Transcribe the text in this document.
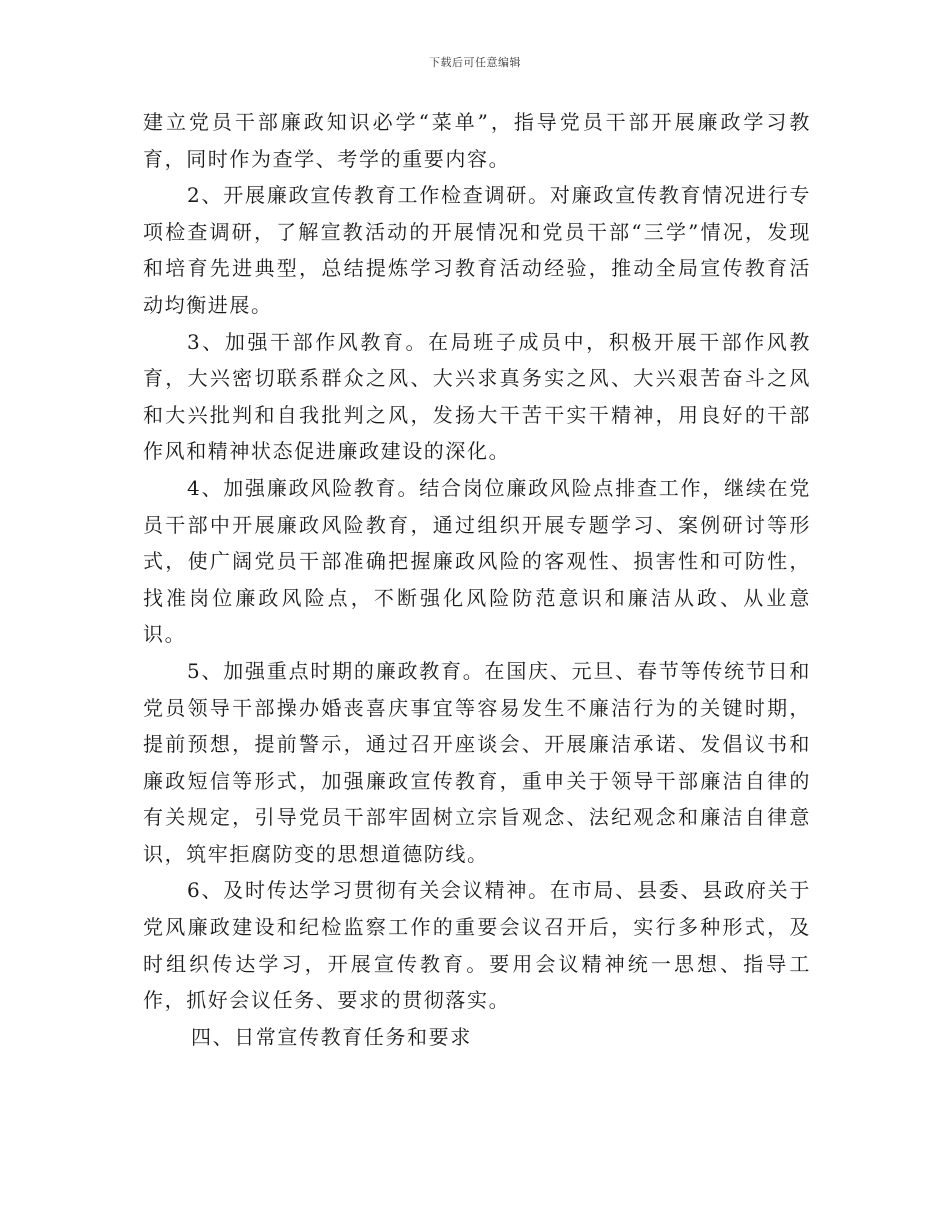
下载后可任意编辑

建立党员干部廉政知识必学“菜单”，指导党员干部开展廉政学习教育，同时作为查学、考学的重要内容。

2、开展廉政宣传教育工作检查调研。对廉政宣传教育情况进行专项检查调研，了解宣教活动的开展情况和党员干部“三学”情况，发现和培育先进典型，总结提炼学习教育活动经验，推动全局宣传教育活动均衡进展。

3、加强干部作风教育。在局班子成员中，积极开展干部作风教育，大兴密切联系群众之风、大兴求真务实之风、大兴艰苦奋斗之风和大兴批判和自我批判之风，发扬大干苦干实干精神，用良好的干部作风和精神状态促进廉政建设的深化。

4、加强廉政风险教育。结合岗位廉政风险点排查工作，继续在党员干部中开展廉政风险教育，通过组织开展专题学习、案例研讨等形式，使广阔党员干部准确把握廉政风险的客观性、损害性和可防性，找准岗位廉政风险点，不断强化风险防范意识和廉洁从政、从业意识。

5、加强重点时期的廉政教育。在国庆、元旦、春节等传统节日和党员领导干部操办婚丧喜庆事宜等容易发生不廉洁行为的关键时期，提前预想，提前警示，通过召开座谈会、开展廉洁承诺、发倡议书和廉政短信等形式，加强廉政宣传教育，重申关于领导干部廉洁自律的有关规定，引导党员干部牢固树立宗旨观念、法纪观念和廉洁自律意识，筑牢拒腐防变的思想道德防线。

6、及时传达学习贯彻有关会议精神。在市局、县委、县政府关于党风廉政建设和纪检监察工作的重要会议召开后，实行多种形式，及时组织传达学习，开展宣传教育。要用会议精神统一思想、指导工作，抓好会议任务、要求的贯彻落实。

四、日常宣传教育任务和要求
